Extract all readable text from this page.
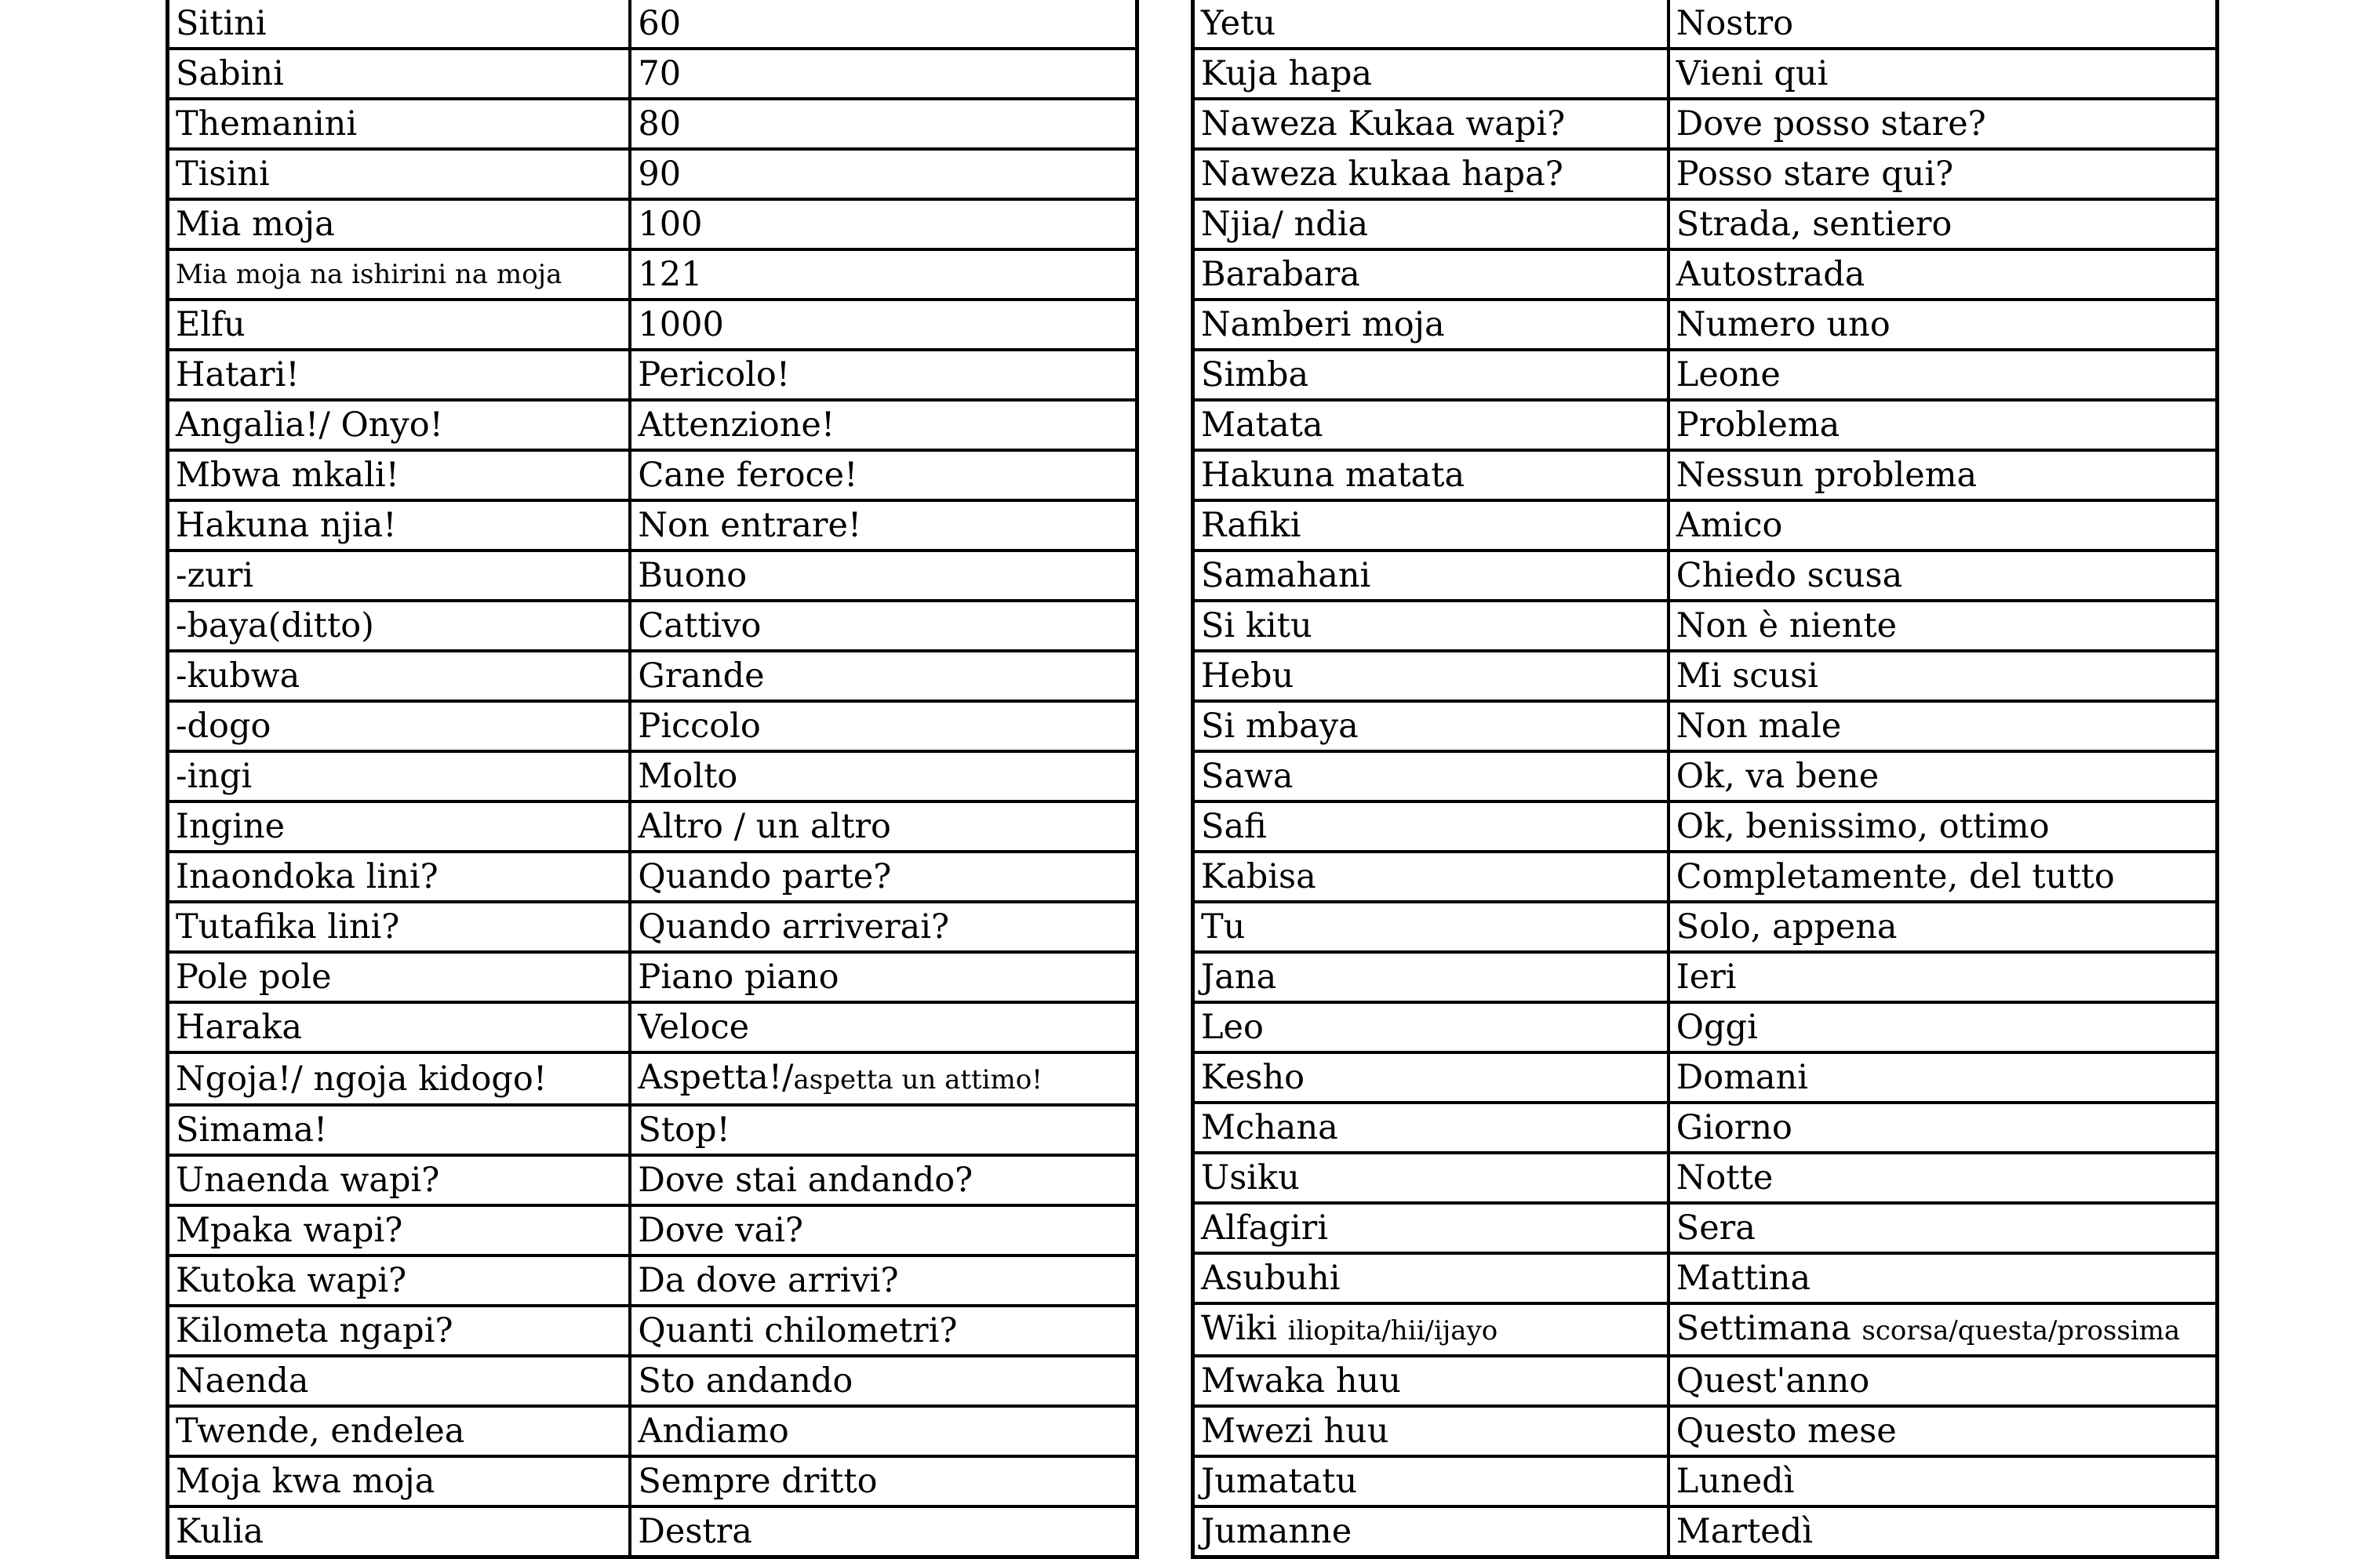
Sitini	60
Sabini	70
Themanini	80
Tisini	90
Mia moja	100
Mia moja na ishirini na moja	121
Elfu	1000
Hatari!	Pericolo!
Angalia!/ Onyo!	Attenzione!
Mbwa mkali!	Cane feroce!
Hakuna njia!	Non entrare!
-zuri	Buono
-baya(ditto)	Cattivo
-kubwa	Grande
-dogo	Piccolo
-ingi	Molto
Ingine	Altro / un altro
Inaondoka lini?	Quando parte?
Tutafika lini?	Quando arriverai?
Pole pole	Piano piano
Haraka	Veloce
Ngoja!/ ngoja kidogo!	Aspetta!/aspetta un attimo!
Simama!	Stop!
Unaenda wapi?	Dove stai andando?
Mpaka wapi?	Dove vai?
Kutoka wapi?	Da dove arrivi?
Kilometa ngapi?	Quanti chilometri?
Naenda	Sto andando
Twende, endelea	Andiamo
Moja kwa moja	Sempre dritto
Kulia	Destra
Yetu	Nostro
Kuja hapa	Vieni qui
Naweza Kukaa wapi?	Dove posso stare?
Naweza kukaa hapa?	Posso stare qui?
Njia/ ndia	Strada, sentiero
Barabara	Autostrada
Namberi moja	Numero uno
Simba	Leone
Matata	Problema
Hakuna matata	Nessun problema
Rafiki	Amico
Samahani	Chiedo scusa
Si kitu	Non è niente
Hebu	Mi scusi
Si mbaya	Non male
Sawa	Ok, va bene
Safi	Ok, benissimo, ottimo
Kabisa	Completamente, del tutto
Tu	Solo, appena
Jana	Ieri
Leo	Oggi
Kesho	Domani
Mchana	Giorno
Usiku	Notte
Alfagiri	Sera
Asubuhi	Mattina
Wiki iliopita/hii/ijayo	Settimana scorsa/questa/prossima
Mwaka huu	Quest'anno
Mwezi huu	Questo mese
Jumatatu	Lunedì
Jumanne	Martedì
